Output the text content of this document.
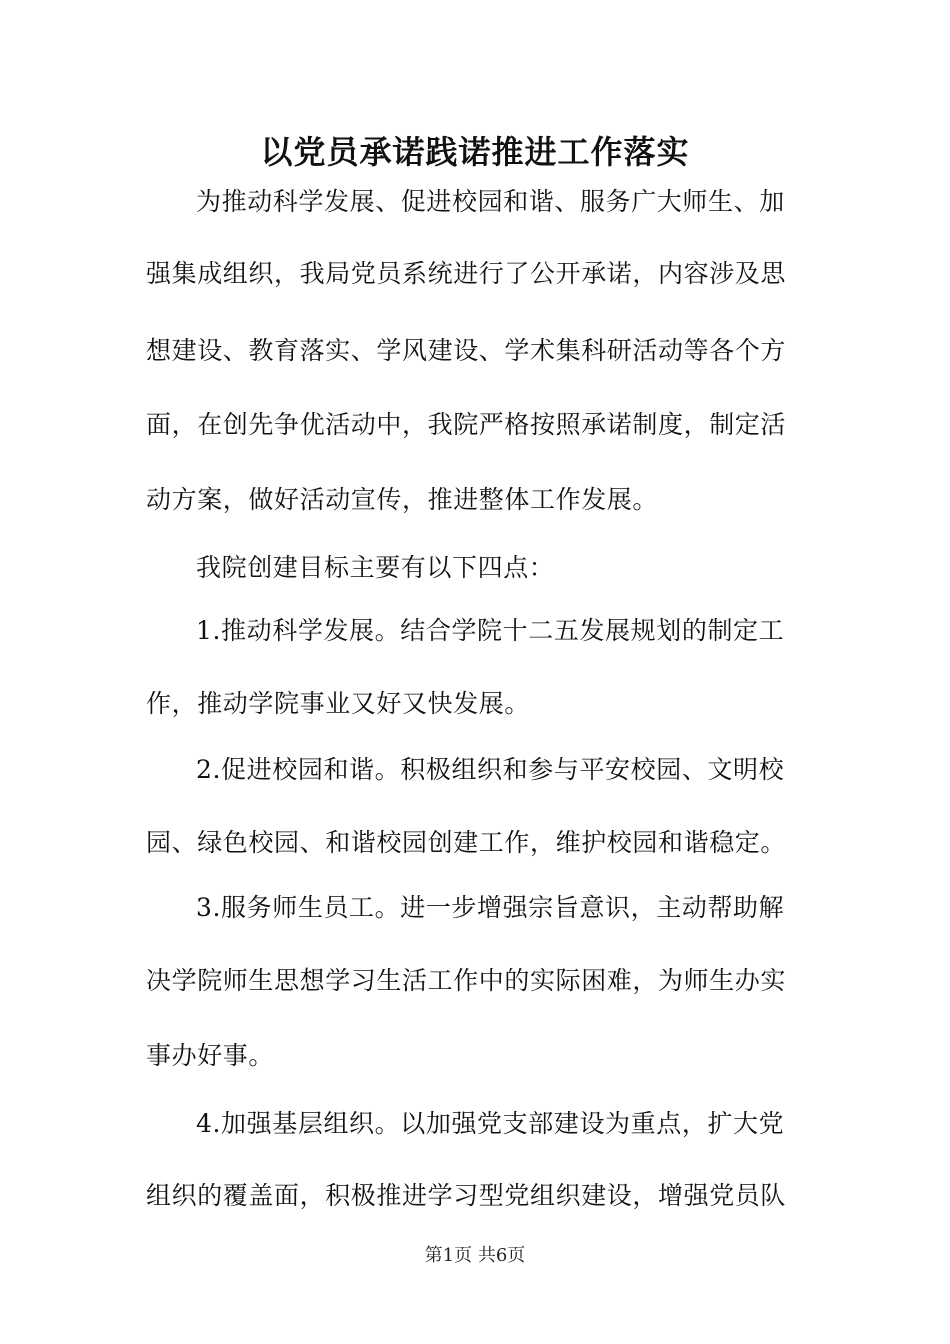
以党员承诺践诺推进工作落实
为推动科学发展、促进校园和谐、服务广大师生、加
强集成组织，我局党员系统进行了公开承诺，内容涉及思
想建设、教育落实、学风建设、学术集科研活动等各个方
面，在创先争优活动中，我院严格按照承诺制度，制定活
动方案，做好活动宣传，推进整体工作发展。
我院创建目标主要有以下四点：
1.推动科学发展。结合学院十二五发展规划的制定工
作，推动学院事业又好又快发展。
2.促进校园和谐。积极组织和参与平安校园、文明校
园、绿色校园、和谐校园创建工作，维护校园和谐稳定。
3.服务师生员工。进一步增强宗旨意识，主动帮助解
决学院师生思想学习生活工作中的实际困难，为师生办实
事办好事。
4.加强基层组织。以加强党支部建设为重点，扩大党
组织的覆盖面，积极推进学习型党组织建设，增强党员队
第1页 共6页
